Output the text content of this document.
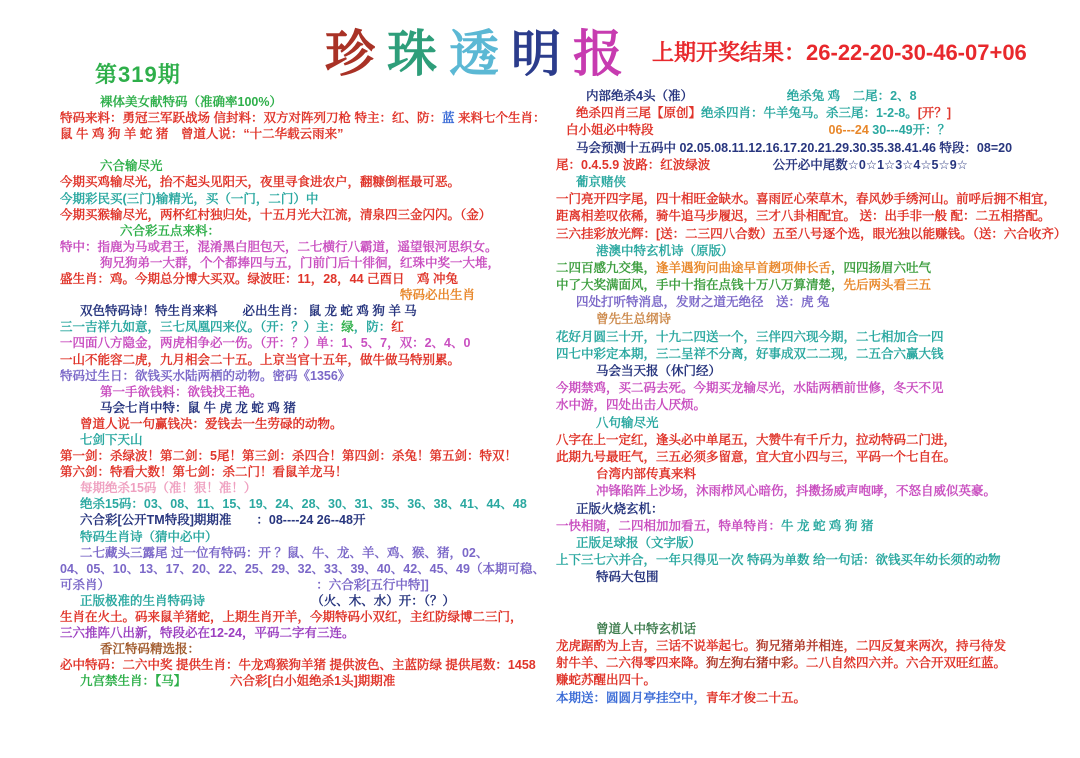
第319期	珍珠透明报 上期开奖结果：26-22-20-30-46-07+06
裸体美女献特码（准确率100%）
特码来料：勇冠三军跃战场 信封料：双方对阵列刀枪 特主：红、防：蓝 来料七个生肖：
鼠 牛 鸡 狗 羊 蛇 猪　曾道人说：“十二华载云雨来”

六合输尽光
今期买鸡输尽光，抬不起头见阳天，夜里寻食进农户，翻糠倒框最可恶。
今期彩民买(三门)输精光，买（一门，二门）中
今期买猴输尽光，两杯红村独归处，十五月光大江流，清泉四三金闪闪。（金）
六合彩五点来料：
特中：指鹿为马或君王，混淆黑白胆包天，二七横行八霸道，遥望银河思织女。
狗兄狗弟一大群，个个都捧四与五，门前门后十徘徊，红珠中奖一大堆，
盛生肖：鸡。今期总分博大买双。绿波旺：11，28，44 己酉日　鸡 冲兔
特码必出生肖
双色特码诗！特生肖来料　　必出生肖： 鼠 龙 蛇 鸡 狗 羊 马
三一吉祥九如意，三七凤凰四来仪。（开：？）主：绿，防：红
一四面八方隐金，两虎相争必一伤。（开：？）单：1、5、7，双：2、4、0
一山不能容二虎，九月相会二十五。上京当官十五年，做牛做马特别累。
特码过生日：欲钱买水陆两栖的动物。密码《1356》
第一手欲钱料：欲钱找王艳。
马会七肖中特：鼠 牛 虎 龙 蛇 鸡 猪
曾道人说一句赢钱决：爱钱去一生劳碌的动物。
七剑下天山
第一剑：杀绿波！第二剑：5尾！第三剑：杀四合！第四剑：杀兔！第五剑：特双！
第六剑：特看大数！第七剑：杀二门！看鼠羊龙马！
每期绝杀15码（准！狠！准！）
绝杀15码：03、08、11、15、19、24、28、30、31、35、36、38、41、44、48
六合彩[公开TM特段]期期准　　：08----24 26--48开
特码生肖诗（猜中必中）
二七藏头三露尾 过一位有特码：开 ？鼠、牛、龙、羊、鸡、猴、猪，02、
04、05、10、13、17、20、22、25、29、32、33、39、40、42、45、49（本期可稳、
可杀肖）　　　　　　　　　　　　　　　　　：六合彩[五行中特]]
正版极准的生肖特码诗　　　　　　　　　（火、木、水）开：（？）
生肖在火土。码来鼠羊猪蛇，上期生肖开羊，今期特码小双红，主红防绿博二三门，
三六推阵八出新，特段必在12-24，平码二字有三连。
香江特码精选报：
必中特码：二六中奖 提供生肖：牛龙鸡猴狗羊猪 提供波色、主蓝防绿 提供尾数：1458
九宫禁生肖：【马】　　　　六合彩[白小姐绝杀1头]期期准
内部绝杀4头（准）　　　　　　　　绝杀兔 鸡　二尾：2、8
绝杀四肖三尾【原创】绝杀四肖：牛羊兔马。杀三尾：1-2-8。[开？]
白小姐必中特段　　　　　　　　　　　　　　06---24 30---49开：？
马会预测十五码中 02.05.08.11.12.16.17.20.21.29.30.35.38.41.46 特段：08=20
尾：0.4.5.9 波路：红波绿波　　　　　公开必中尾数☆0☆1☆3☆4☆5☆9☆
葡京赌侠
一门亮开四字尾，四十相旺金缺水。喜雨匠心荣草木，春风妙手绣河山。前呼后拥不相宜，
距离相差叹依稀，骑牛追马步履迟，三才八卦相配宜。 送：出手非一般 配：二五相搭配。
三六挂彩放光辉：[送：二三四八合数）五至八号逐个选，眼光独以能赚钱。（送：六合收齐）
港澳中特玄机诗（原版）
二四百感九交集，逢羊遇狗问曲途早首趔项伸长舌，四四扬眉六吐气
中了大奖满面风，手中十指在点钱十万八万算清楚，先后两头看三五
四处打听特消息，发财之道无绝径　送：虎 兔
曾先生总纲诗
花好月圆三十开，十九二四送一个，三伴四六现今期，二七相加合一四
四七中彩定本期，三二呈祥不分离，好事成双二二现，二五合六赢大钱
马会当天报（休门经）
今期禁鸡，买二码去死。今期买龙输尽光，水陆两栖前世修，冬天不见
水中游，四处出击人厌烦。
八句输尽光
八字在上一定红，逢头必中单尾五，大赞牛有千斤力，拉动特码二门进，
此期九号最旺气，三五必须多留意，宜大宜小四与三，平码一个七自在。
台湾内部传真来料
冲锋陷阵上沙场，沐雨栉风心暗伤，抖擞扬威声咆哮，不怒自威似英豪。
正版火烧玄机：
一快相随，二四相加加看五，特单特肖：牛 龙 蛇 鸡 狗 猪
正版足球报（文字版）
上下三七六并合，一年只得见一次 特码为单数 给一句话：欲钱买年幼长须的动物
特码大包围

曾道人中特玄机话
龙虎踞酌为上吉，三话不说举起七。狗兄猪弟并相连，二四反复来两次，持弓待发
射牛羊、二六得零四来降。狗左狗右猪中彩。二八自然四六并。六合开双旺红蓝。
赚蛇苏醒出四十。
本期送：圆圆月亭挂空中，青年才俊二十五。
